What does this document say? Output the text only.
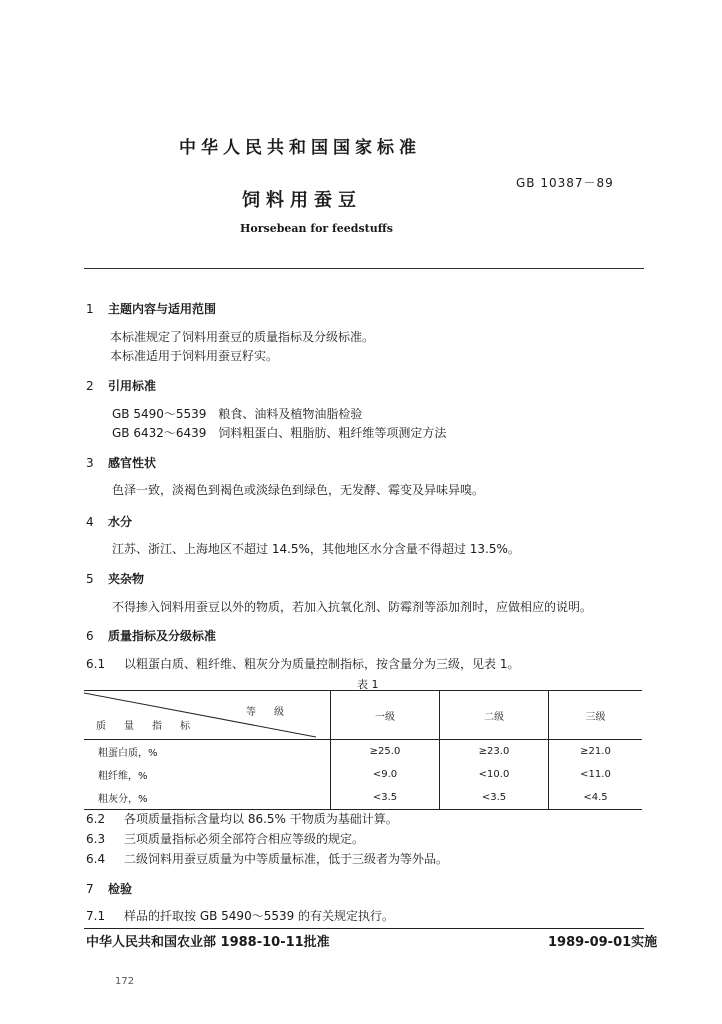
中华人民共和国国家标准
GB 10387－89
饲料用蚕豆
Horsebean for feedstuffs
1 主题内容与适用范围
本标准规定了饲料用蚕豆的质量指标及分级标准。
本标准适用于饲料用蚕豆籽实。
2 引用标准
GB 5490～5539　粮食、油料及植物油脂检验
GB 6432～6439　饲料粗蛋白、粗脂肪、粗纤维等项测定方法
3 感官性状
色泽一致，淡褐色到褐色或淡绿色到绿色，无发酵、霉变及异味异嗅。
4 水分
江苏、浙江、上海地区不超过 14.5%，其他地区水分含量不得超过 13.5%。
5 夹杂物
不得掺入饲料用蚕豆以外的物质，若加入抗氧化剂、防霉剂等添加剂时，应做相应的说明。
6 质量指标及分级标准
6.1 以粗蛋白质、粗纤维、粗灰分为质量控制指标，按含量分为三级，见表 1。
表 1
等　级
质　量　指　标	一级	二级	三级
粗蛋白质，%	≥25.0	≥23.0	≥21.0
粗纤维，%	<9.0	<10.0	<11.0
粗灰分，%	<3.5	<3.5	<4.5
6.2 各项质量指标含量均以 86.5% 干物质为基础计算。
6.3 三项质量指标必须全部符合相应等级的规定。
6.4 二级饲料用蚕豆质量为中等质量标准，低于三级者为等外品。
7 检验
7.1 样品的扦取按 GB 5490～5539 的有关规定执行。
中华人民共和国农业部 1988-10-11批准	1989-09-01实施
172
